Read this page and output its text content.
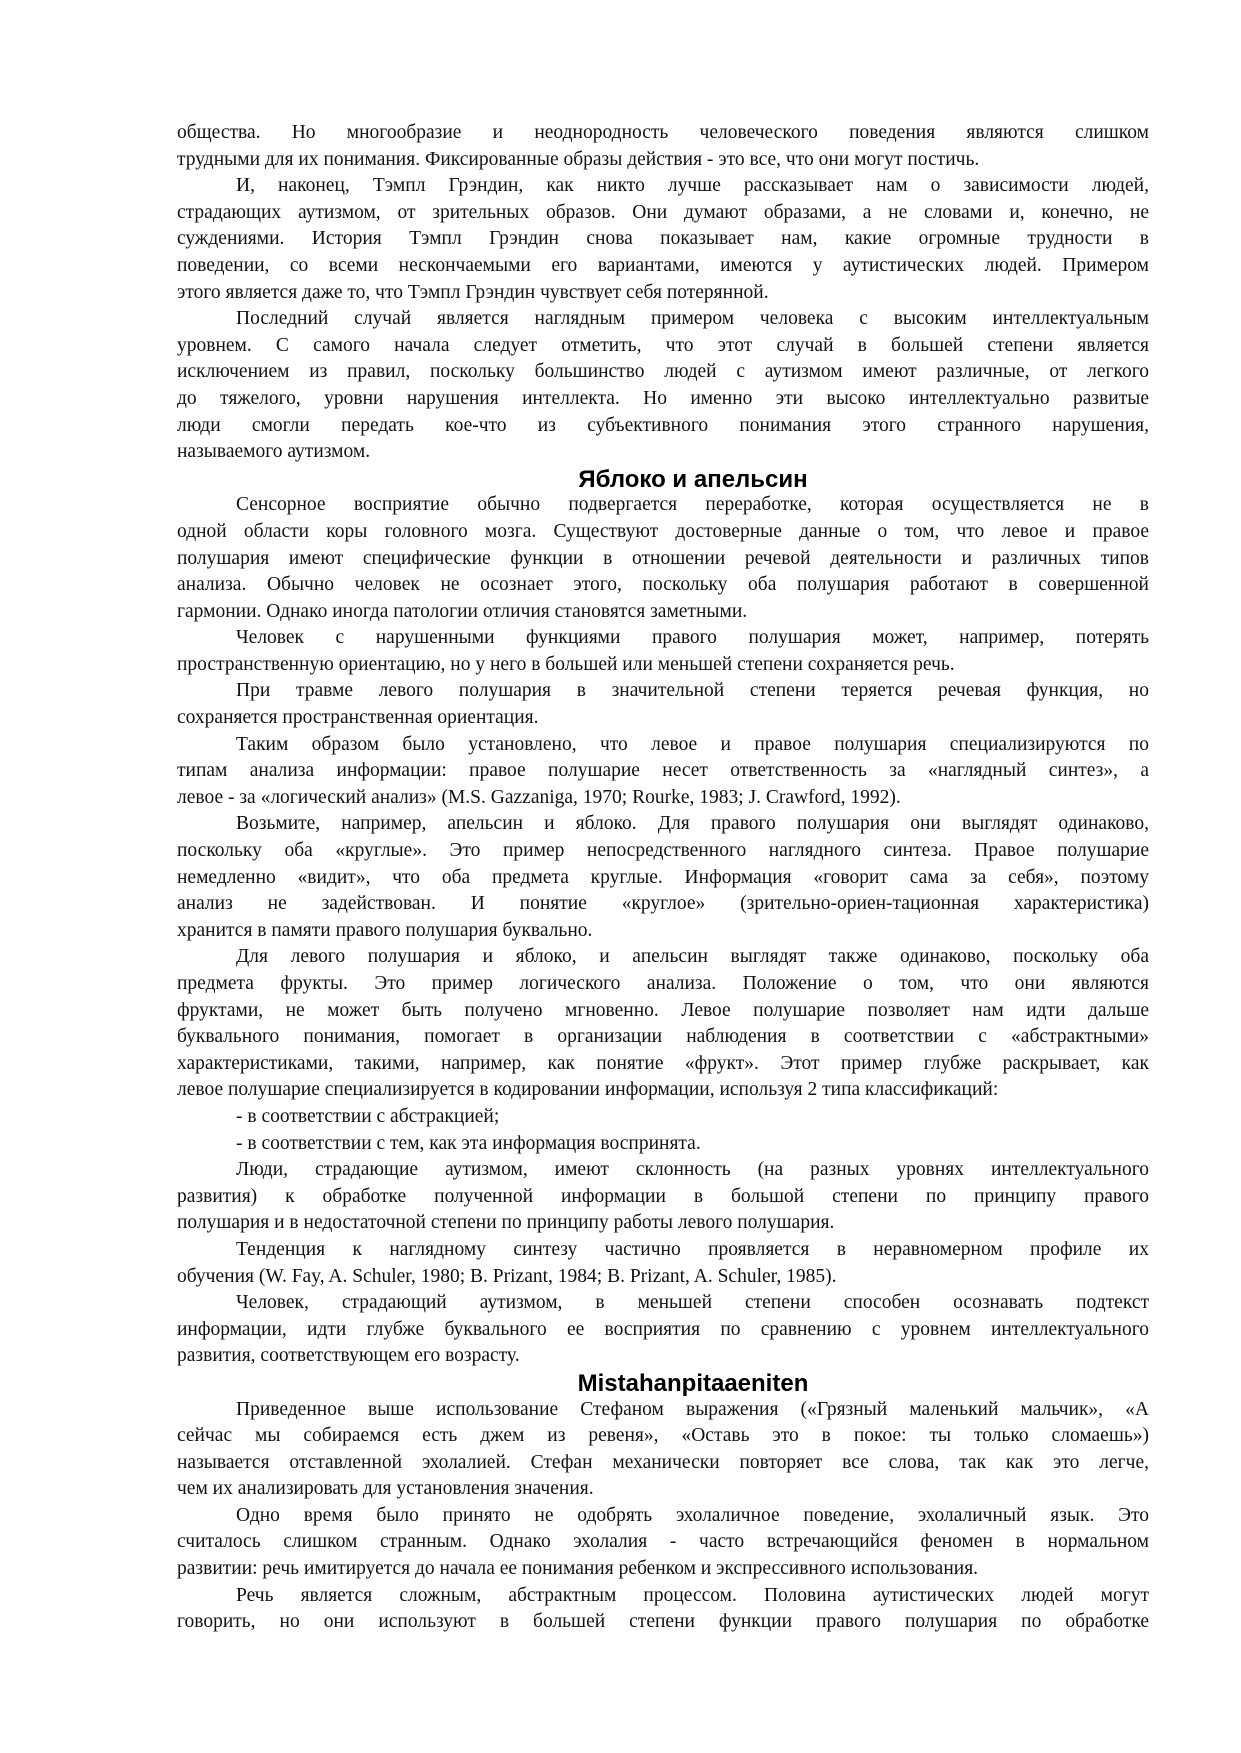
общества. Но многообразие и неоднородность человеческого поведения являются слишком
трудными для их понимания. Фиксированные образы действия - это все, что они могут постичь.
И, наконец, Тэмпл Грэндин, как никто лучше рассказывает нам о зависимости людей,
страдающих аутизмом, от зрительных образов. Они думают образами, а не словами и, конечно, не
суждениями. История Тэмпл Грэндин снова показывает нам, какие огромные трудности в
поведении, со всеми нескончаемыми его вариантами, имеются у аутистических людей. Примером
этого является даже то, что Тэмпл Грэндин чувствует себя потерянной.
Последний случай является наглядным примером человека с высоким интеллектуальным
уровнем. С самого начала следует отметить, что этот случай в большей степени является
исключением из правил, поскольку большинство людей с аутизмом имеют различные, от легкого
до тяжелого, уровни нарушения интеллекта. Но именно эти высоко интеллектуально развитые
люди смогли передать кое-что из субъективного понимания этого странного нарушения,
называемого аутизмом.
Яблоко и апельсин
Сенсорное восприятие обычно подвергается переработке, которая осуществляется не в
одной области коры головного мозга. Существуют достоверные данные о том, что левое и правое
полушария имеют специфические функции в отношении речевой деятельности и различных типов
анализа. Обычно человек не осознает этого, поскольку оба полушария работают в совершенной
гармонии. Однако иногда патологии отличия становятся заметными.
Человек с нарушенными функциями правого полушария может, например, потерять
пространственную ориентацию, но у него в большей или меньшей степени сохраняется речь.
При травме левого полушария в значительной степени теряется речевая функция, но
сохраняется пространственная ориентация.
Таким образом было установлено, что левое и правое полушария специализируются по
типам анализа информации: правое полушарие несет ответственность за «наглядный синтез», а
левое - за «логический анализ» (M.S. Gazzaniga, 1970; Rourke, 1983; J. Crawford, 1992).
Возьмите, например, апельсин и яблоко. Для правого полушария они выглядят одинаково,
поскольку оба «круглые». Это пример непосредственного наглядного синтеза. Правое полушарие
немедленно «видит», что оба предмета круглые. Информация «говорит сама за себя», поэтому
анализ не задействован. И понятие «круглое» (зрительно-ориен-тационная характеристика)
хранится в памяти правого полушария буквально.
Для левого полушария и яблоко, и апельсин выглядят также одинаково, поскольку оба
предмета фрукты. Это пример логического анализа. Положение о том, что они являются
фруктами, не может быть получено мгновенно. Левое полушарие позволяет нам идти дальше
буквального понимания, помогает в организации наблюдения в соответствии с «абстрактными»
характеристиками, такими, например, как понятие «фрукт». Этот пример глубже раскрывает, как
левое полушарие специализируется в кодировании информации, используя 2 типа классификаций:
- в соответствии с абстракцией;
- в соответствии с тем, как эта информация воспринята.
Люди, страдающие аутизмом, имеют склонность (на разных уровнях интеллектуального
развития) к обработке полученной информации в большой степени по принципу правого
полушария и в недостаточной степени по принципу работы левого полушария.
Тенденция к наглядному синтезу частично проявляется в неравномерном профиле их
обучения (W. Fay, A. Schuler, 1980; B. Prizant, 1984; B. Prizant, A. Schuler, 1985).
Человек, страдающий аутизмом, в меньшей степени способен осознавать подтекст
информации, идти глубже буквального ее восприятия по сравнению с уровнем интеллектуального
развития, соответствующем его возрасту.
Mistahanpitaaeniten
Приведенное выше использование Стефаном выражения («Грязный маленький мальчик», «А
сейчас мы собираемся есть джем из ревеня», «Оставь это в покое: ты только сломаешь»)
называется отставленной эхолалией. Стефан механически повторяет все слова, так как это легче,
чем их анализировать для установления значения.
Одно время было принято не одобрять эхолаличное поведение, эхолаличный язык. Это
считалось слишком странным. Однако эхолалия - часто встречающийся феномен в нормальном
развитии: речь имитируется до начала ее понимания ребенком и экспрессивного использования.
Речь является сложным, абстрактным процессом. Половина аутистических людей могут
говорить, но они используют в большей степени функции правого полушария по обработке
